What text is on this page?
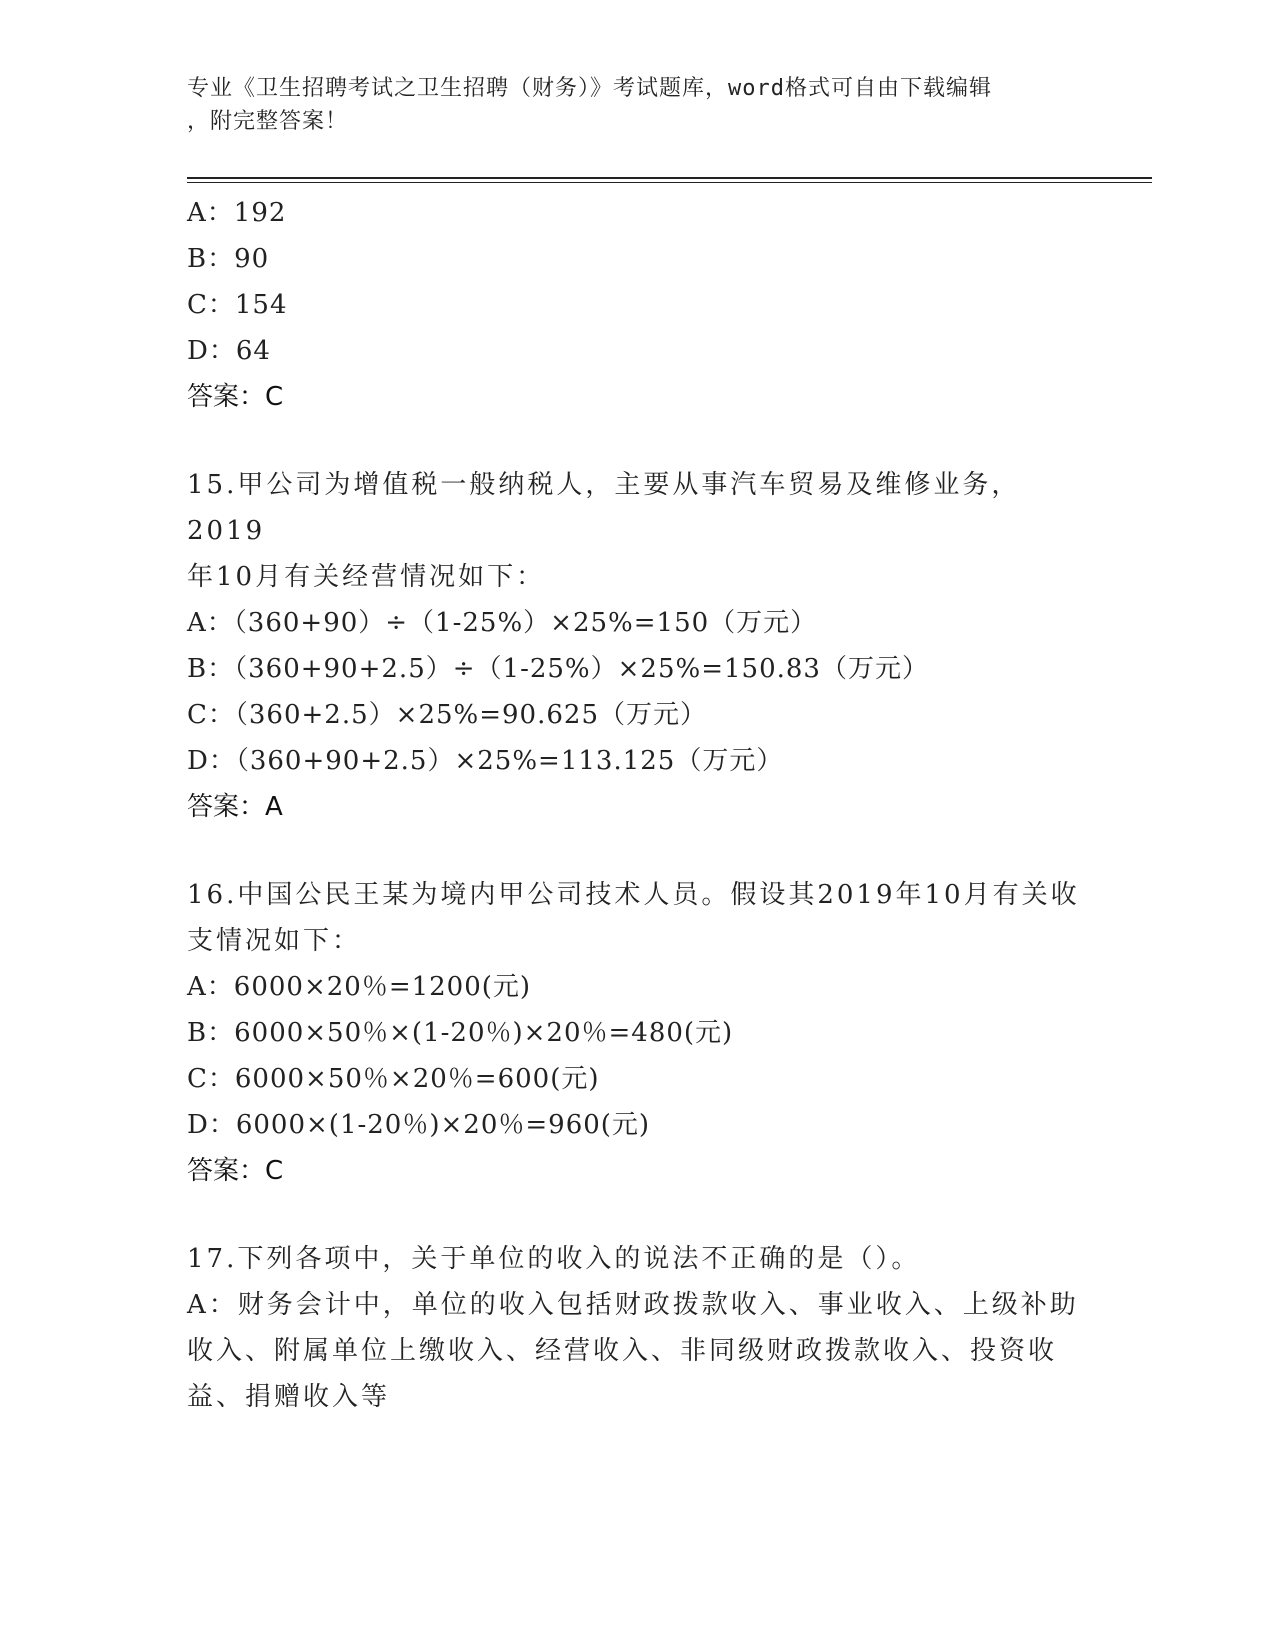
专业《卫生招聘考试之卫生招聘（财务）》考试题库，word格式可自由下载编辑
，附完整答案！

A：192

B：90

C：154

D：64

答案：C

15.甲公司为增值税一般纳税人，主要从事汽车贸易及维修业务，2019

年10月有关经营情况如下：

A：（360+90）÷（1-25%）×25%=150（万元）

B：（360+90+2.5）÷（1-25%）×25%=150.83（万元）

C：（360+2.5）×25%=90.625（万元）

D：（360+90+2.5）×25%=113.125（万元）

答案：A

16.中国公民王某为境内甲公司技术人员。假设其2019年10月有关收

支情况如下：

A：6000×20％=1200(元)

B：6000×50％×(1-20％)×20％=480(元)

C：6000×50％×20％=600(元)

D：6000×(1-20％)×20％=960(元)

答案：C

17.下列各项中，关于单位的收入的说法不正确的是（）。

A：财务会计中，单位的收入包括财政拨款收入、事业收入、上级补助

收入、附属单位上缴收入、经营收入、非同级财政拨款收入、投资收

益、捐赠收入等
